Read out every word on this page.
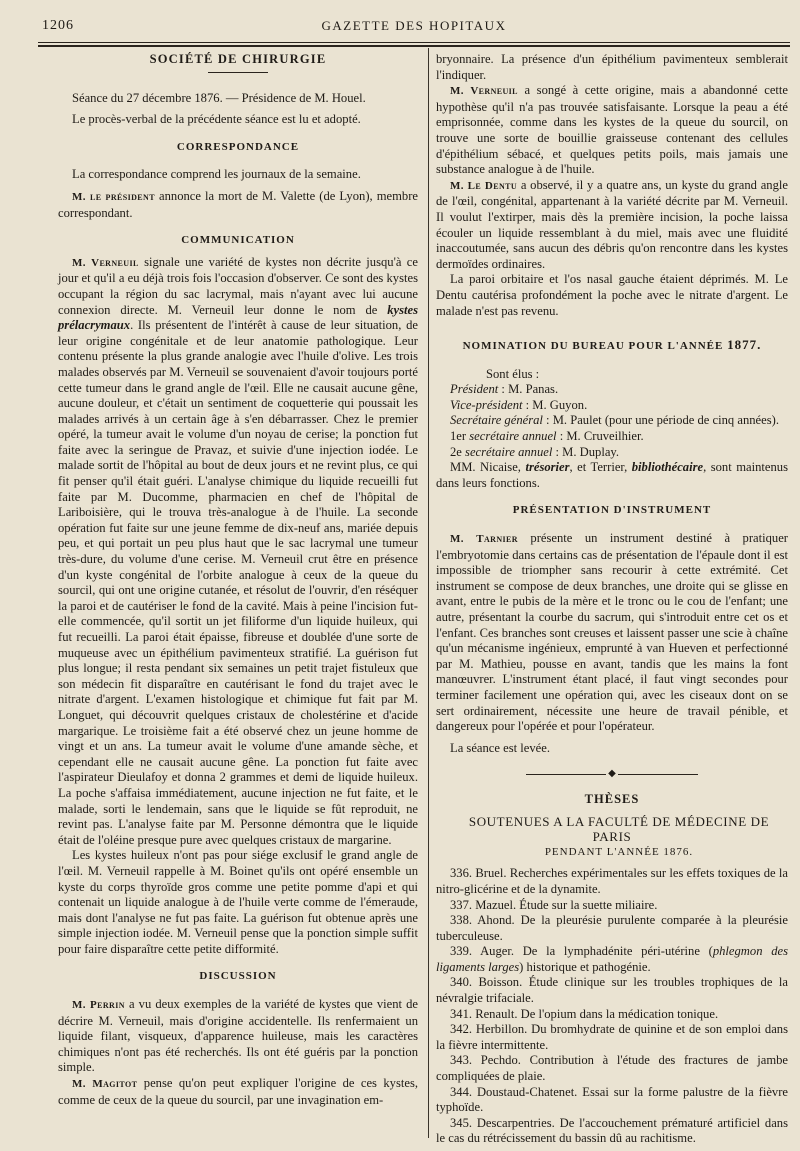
1206	GAZETTE DES HOPITAUX

SOCIÉTÉ DE CHIRURGIE

Séance du 27 décembre 1876. — Présidence de M. Houel.

Le procès-verbal de la précédente séance est lu et adopté.

CORRESPONDANCE

La correspondance comprend les journaux de la semaine.

M. le président annonce la mort de M. Valette (de Lyon), membre correspondant.

COMMUNICATION

M. Verneuil signale une variété de kystes non décrite jusqu'à ce jour et qu'il a eu déjà trois fois l'occasion d'observer. Ce sont des kystes occupant la région du sac lacrymal, mais n'ayant avec lui aucune connexion directe. M. Verneuil leur donne le nom de kystes prélacrymaux. Ils présentent de l'intérêt à cause de leur situation, de leur origine congénitale et de leur anatomie pathologique. Leur contenu présente la plus grande analogie avec l'huile d'olive. Les trois malades observés par M. Verneuil se souvenaient d'avoir toujours porté cette tumeur dans le grand angle de l'œil. Elle ne causait aucune gêne, aucune douleur, et c'était un sentiment de coquetterie qui poussait les malades arrivés à un certain âge à s'en débarrasser. Chez le premier opéré, la tumeur avait le volume d'un noyau de cerise; la ponction fut faite avec la seringue de Pravaz, et suivie d'une injection iodée. Le malade sortit de l'hôpital au bout de deux jours et ne revint plus, ce qui fit penser qu'il était guéri. L'analyse chimique du liquide recueilli fut faite par M. Ducomme, pharmacien en chef de l'hôpital de Lariboisière, qui le trouva très-analogue à de l'huile. La seconde opération fut faite sur une jeune femme de dix-neuf ans, mariée depuis peu, et qui portait un peu plus haut que le sac lacrymal une tumeur très-dure, du volume d'une cerise. M. Verneuil crut être en présence d'un kyste congénital de l'orbite analogue à ceux de la queue du sourcil, qui ont une origine cutanée, et résolut de l'ouvrir, d'en réséquer la paroi et de cautériser le fond de la cavité. Mais à peine l'incision fut-elle commencée, qu'il sortit un jet filiforme d'un liquide huileux, qui fut recueilli. La paroi était épaisse, fibreuse et doublée d'une sorte de muqueuse avec un épithélium pavimenteux stratifié. La guérison fut plus longue; il resta pendant six semaines un petit trajet fistuleux que son médecin fit disparaître en cautérisant le fond du trajet avec le nitrate d'argent. L'examen histologique et chimique fut fait par M. Longuet, qui découvrit quelques cristaux de cholestérine et d'acide margarique. Le troisième fait a été observé chez un jeune homme de vingt et un ans. La tumeur avait le volume d'une amande sèche, et cependant elle ne causait aucune gêne. La ponction fut faite avec l'aspirateur Dieulafoy et donna 2 grammes et demi de liquide huileux. La poche s'affaisa immédiatement, aucune injection ne fut faite, et le malade, sorti le lendemain, sans que le liquide se fût reproduit, ne revint pas. L'analyse faite par M. Personne démontra que le liquide était de l'oléine presque pure avec quelques cristaux de margarine.

Les kystes huileux n'ont pas pour siége exclusif le grand angle de l'œil. M. Verneuil rappelle à M. Boinet qu'ils ont opéré ensemble un kyste du corps thyroïde gros comme une petite pomme d'api et qui contenait un liquide analogue à de l'huile verte comme de l'émeraude, mais dont l'analyse ne fut pas faite. La guérison fut obtenue après une simple injection iodée. M. Verneuil pense que la ponction simple suffit pour faire disparaître cette petite difformité.

DISCUSSION

M. Perrin a vu deux exemples de la variété de kystes que vient de décrire M. Verneuil, mais d'origine accidentelle. Ils renfermaient un liquide filant, visqueux, d'apparence huileuse, mais les caractères chimiques n'ont pas été recherchés. Ils ont été guéris par la ponction simple.

M. Magitot pense qu'on peut expliquer l'origine de ces kystes, comme de ceux de la queue du sourcil, par une invagination em-

bryonnaire. La présence d'un épithélium pavimenteux semblerait l'indiquer.

M. Verneuil a songé à cette origine, mais a abandonné cette hypothèse qu'il n'a pas trouvée satisfaisante. Lorsque la peau a été emprisonnée, comme dans les kystes de la queue du sourcil, on trouve une sorte de bouillie graisseuse contenant des cellules d'épithélium sébacé, et quelques petits poils, mais jamais une substance analogue à de l'huile.

M. Le Dentu a observé, il y a quatre ans, un kyste du grand angle de l'œil, congénital, appartenant à la variété décrite par M. Verneuil. Il voulut l'extirper, mais dès la première incision, la poche laissa écouler un liquide ressemblant à du miel, mais avec une fluidité inaccoutumée, sans aucun des débris qu'on rencontre dans les kystes dermoïdes ordinaires.

La paroi orbitaire et l'os nasal gauche étaient déprimés. M. Le Dentu cautérisa profondément la poche avec le nitrate d'argent. Le malade n'est pas revenu.

NOMINATION DU BUREAU POUR L'ANNÉE 1877.

Sont élus :

Président : M. Panas.

Vice-président : M. Guyon.

Secrétaire général : M. Paulet (pour une période de cinq années).

1er secrétaire annuel : M. Cruveilhier.

2e secrétaire annuel : M. Duplay.

MM. Nicaise, trésorier, et Terrier, bibliothécaire, sont maintenus dans leurs fonctions.

PRÉSENTATION D'INSTRUMENT

M. Tarnier présente un instrument destiné à pratiquer l'embryotomie dans certains cas de présentation de l'épaule dont il est impossible de triompher sans recourir à cette extrémité. Cet instrument se compose de deux branches, une droite qui se glisse en avant, entre le pubis de la mère et le tronc ou le cou de l'enfant; une autre, présentant la courbe du sacrum, qui s'introduit entre cet os et l'enfant. Ces branches sont creuses et laissent passer une scie à chaîne qu'un mécanisme ingénieux, emprunté à van Hueven et perfectionné par M. Mathieu, pousse en avant, tandis que les mains la font manœuvrer. L'instrument étant placé, il faut vingt secondes pour terminer facilement une opération qui, avec les ciseaux dont on se sert ordinairement, nécessite une heure de travail pénible, et dangereux pour l'opérée et pour l'opérateur.

La séance est levée.

◆

THÈSES

SOUTENUES A LA FACULTÉ DE MÉDECINE DE PARIS

PENDANT L'ANNÉE 1876.

336. Bruel. Recherches expérimentales sur les effets toxiques de la nitro-glicérine et de la dynamite.

337. Mazuel. Étude sur la suette miliaire.

338. Ahond. De la pleurésie purulente comparée à la pleurésie tuberculeuse.

339. Auger. De la lymphadénite péri-utérine (phlegmon des ligaments larges) historique et pathogénie.

340. Boisson. Étude clinique sur les troubles trophiques de la névralgie trifaciale.

341. Renault. De l'opium dans la médication tonique.

342. Herbillon. Du bromhydrate de quinine et de son emploi dans la fièvre intermittente.

343. Pechdo. Contribution à l'étude des fractures de jambe compliquées de plaie.

344. Doustaud-Chatenet. Essai sur la forme palustre de la fièvre typhoïde.

345. Descarpentries. De l'accouchement prématuré artificiel dans le cas du rétrécissement du bassin dû au rachitisme.
